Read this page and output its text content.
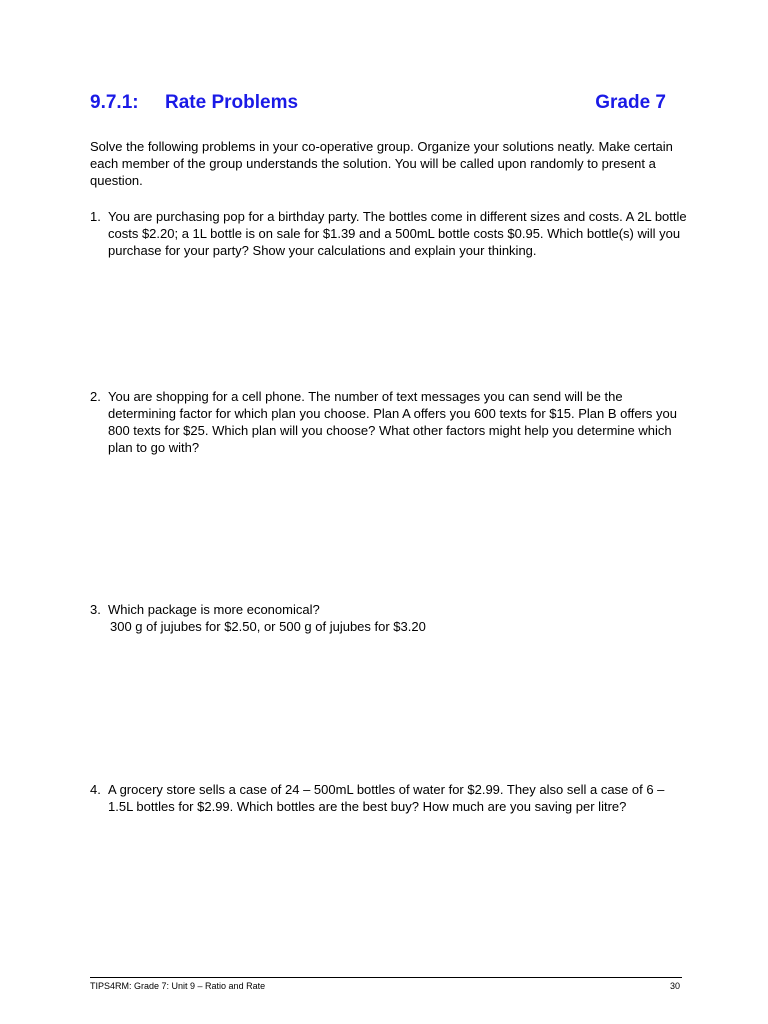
9.7.1: Rate Problems	Grade 7

Solve the following problems in your co-operative group. Organize your solutions neatly. Make certain each member of the group understands the solution. You will be called upon randomly to present a question.

1. You are purchasing pop for a birthday party. The bottles come in different sizes and costs. A 2L bottle costs $2.20; a 1L bottle is on sale for $1.39 and a 500mL bottle costs $0.95. Which bottle(s) will you purchase for your party? Show your calculations and explain your thinking.

2. You are shopping for a cell phone. The number of text messages you can send will be the determining factor for which plan you choose. Plan A offers you 600 texts for $15. Plan B offers you 800 texts for $25. Which plan will you choose? What other factors might help you determine which plan to go with?

3. Which package is more economical?
300 g of jujubes for $2.50, or 500 g of jujubes for $3.20
4. A grocery store sells a case of 24 – 500mL bottles of water for $2.99. They also sell a case of 6 – 1.5L bottles for $2.99. Which bottles are the best buy? How much are you saving per litre?

TIPS4RM: Grade 7: Unit 9 – Ratio and Rate	30
